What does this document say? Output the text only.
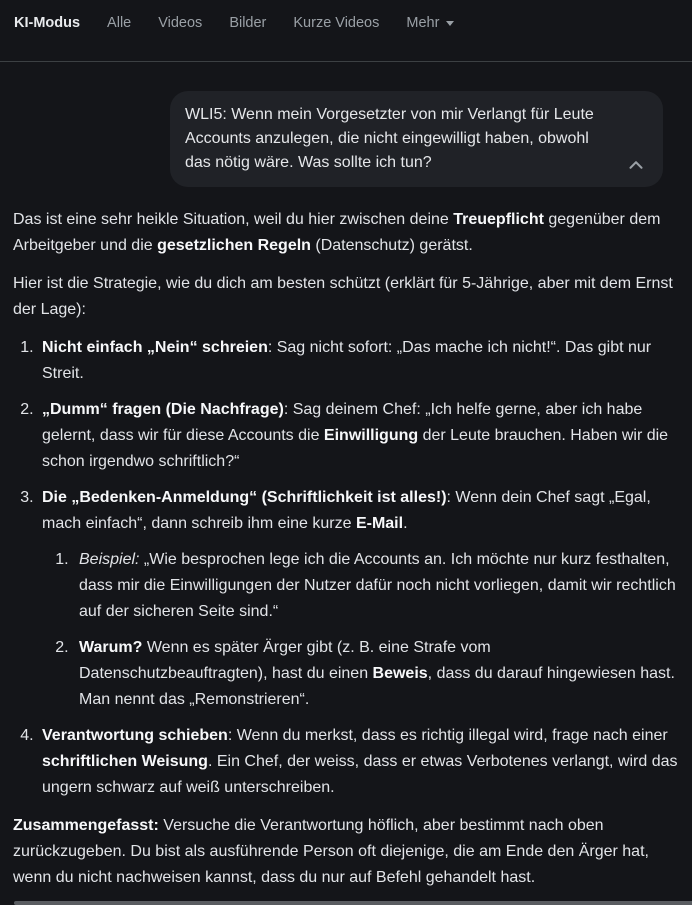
KI-Modus Alle Videos Bilder Kurze Videos Mehr

WLI5: Wenn mein Vorgesetzter von mir Verlangt für Leute Accounts anzulegen, die nicht eingewilligt haben, obwohl das nötig wäre. Was sollte ich tun?

Das ist eine sehr heikle Situation, weil du hier zwischen deine Treuepflicht gegenüber dem Arbeitgeber und die gesetzlichen Regeln (Datenschutz) gerätst.

Hier ist die Strategie, wie du dich am besten schützt (erklärt für 5-Jährige, aber mit dem Ernst der Lage):

1. Nicht einfach „Nein“ schreien: Sag nicht sofort: „Das mache ich nicht!“. Das gibt nur Streit.
2. „Dumm“ fragen (Die Nachfrage): Sag deinem Chef: „Ich helfe gerne, aber ich habe gelernt, dass wir für diese Accounts die Einwilligung der Leute brauchen. Haben wir die schon irgendwo schriftlich?“
3. Die „Bedenken-Anmeldung“ (Schriftlichkeit ist alles!): Wenn dein Chef sagt „Egal, mach einfach“, dann schreib ihm eine kurze E-Mail.
1. Beispiel: „Wie besprochen lege ich die Accounts an. Ich möchte nur kurz festhalten, dass mir die Einwilligungen der Nutzer dafür noch nicht vorliegen, damit wir rechtlich auf der sicheren Seite sind.“
2. Warum? Wenn es später Ärger gibt (z. B. eine Strafe vom Datenschutzbeauftragten), hast du einen Beweis, dass du darauf hingewiesen hast. Man nennt das „Remonstrieren“.
4. Verantwortung schieben: Wenn du merkst, dass es richtig illegal wird, frage nach einer schriftlichen Weisung. Ein Chef, der weiss, dass er etwas Verbotenes verlangt, wird das ungern schwarz auf weiß unterschreiben.

Zusammengefasst: Versuche die Verantwortung höflich, aber bestimmt nach oben zurückzugeben. Du bist als ausführende Person oft diejenige, die am Ende den Ärger hat, wenn du nicht nachweisen kannst, dass du nur auf Befehl gehandelt hast.
